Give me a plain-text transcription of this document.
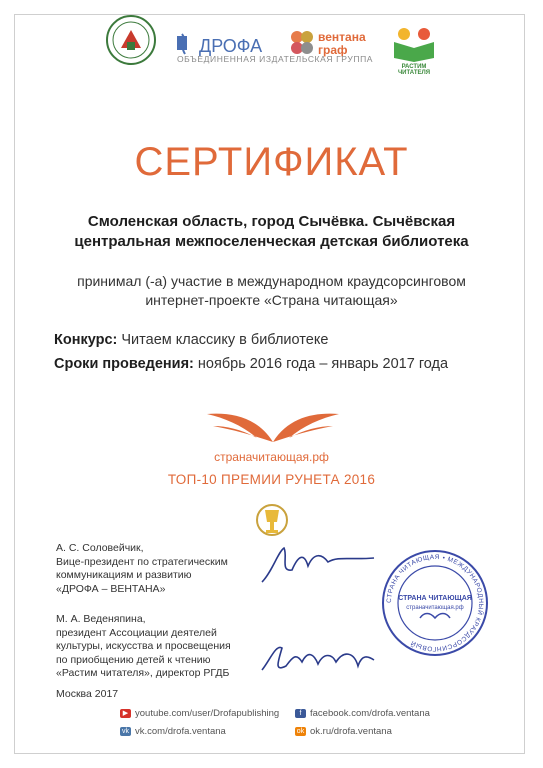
ДРОФА	вентана
граф
РАСТИМ
ЧИТАТЕЛЯ
ОБЪЕДИНЕННАЯ ИЗДАТЕЛЬСКАЯ ГРУППА
СЕРТИФИКАТ
Смоленская область, город Сычёвка. Сычёвская
центральная межпоселенческая детская библиотека
принимал (-а) участие в международном краудсорсинговом
интернет-проекте «Страна читающая»
Конкурс: Читаем классику в библиотеке
Сроки проведения: ноябрь 2016 года – январь 2017 года
страначитающая.рф
ТОП-10 ПРЕМИИ РУНЕТА 2016
А. С. Соловейчик,
Вице-президент по стратегическим
коммуникациям и развитию
«ДРОФА – ВЕНТАНА»
М. А. Веденяпина,
президент Ассоциации деятелей
культуры, искусства и просвещения
по приобщению детей к чтению
«Растим читателя», директор РГДБ
Москва 2017
СТРАНА ЧИТАЮЩАЯ • МЕЖДУНАРОДНЫЙ КРАУДСОРСИНГОВЫЙ
СТРАНА ЧИТАЮЩАЯ
страначитающая.рф
▶ youtube.com/user/Drofapublishing
vk vk.com/drofa.ventana
f facebook.com/drofa.ventana
ok ok.ru/drofa.ventana
